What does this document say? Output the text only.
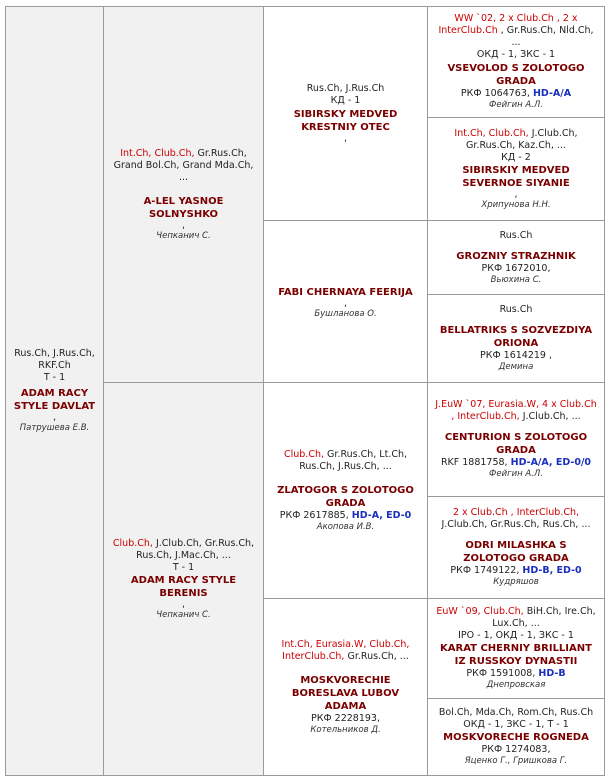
Rus.Ch, J.Rus.Ch, RKF.Ch
Т - 1
ADAM RACY STYLE DAVLAT
,
Патрушева Е.В.
Int.Ch, Club.Ch, Gr.Rus.Ch, Grand Bol.Ch, Grand Mda.Ch, ...
A-LEL YASNOE SOLNYSHKO
,
Чепканич С.
Club.Ch, J.Club.Ch, Gr.Rus.Ch, Rus.Ch, J.Mac.Ch, ...
Т - 1
ADAM RACY STYLE BERENIS
,
Чепканич С.
Rus.Ch, J.Rus.Ch
КД - 1
SIBIRSKY MEDVED KRESTNIY OTEC
,
FABI CHERNAYA FEERIJA
,
Бушланова О.
Club.Ch, Gr.Rus.Ch, Lt.Ch, Rus.Ch, J.Rus.Ch, ...
ZLATOGOR S ZOLOTOGO GRADA
РКФ 2617885, HD-A, ED-0
Акопова И.В.
Int.Ch, Eurasia.W, Club.Ch, InterClub.Ch, Gr.Rus.Ch, ...
MOSKVORECHIE BORESLAVA LUBOV ADAMA
РКФ 2228193,
Котельников Д.
WW `02, 2 x Club.Ch , 2 x InterClub.Ch , Gr.Rus.Ch, Nld.Ch, ...
ОКД - 1, ЗКС - 1
VSEVOLOD S ZOLOTOGO GRADA
РКФ 1064763, HD-A/A
Фейгин А.Л.
Int.Ch, Club.Ch, J.Club.Ch, Gr.Rus.Ch, Kaz.Ch, ...
КД - 2
SIBIRSKIY MEDVED SEVERNOE SIYANIE
,
Хрипунова Н.Н.
Rus.Ch
GROZNIY STRAZHNIK
РКФ 1672010,
Вьюхина С.
Rus.Ch
BELLATRIKS S SOZVEZDIYA ORIONA
РКФ 1614219 ,
Демина
J.EuW `07, Eurasia.W, 4 x Club.Ch , InterClub.Ch, J.Club.Ch, ...
CENTURION S ZOLOTOGO GRADA
RKF 1881758, HD-A/A, ED-0/0
Фейгин А.Л.
2 x Club.Ch , InterClub.Ch, J.Club.Ch, Gr.Rus.Ch, Rus.Ch, ...
ODRI MILASHKA S ZOLOTOGO GRADA
РКФ 1749122, HD-B, ED-0
Кудряшов
EuW `09, Club.Ch, BiH.Ch, Ire.Ch, Lux.Ch, ...
IPO - 1, ОКД - 1, ЗКС - 1
KARAT CHERNIY BRILLIANT IZ RUSSKOY DYNASTII
РКФ 1591008, HD-B
Днепровская
Bol.Ch, Mda.Ch, Rom.Ch, Rus.Ch
ОКД - 1, ЗКС - 1, Т - 1
MOSKVORECHE ROGNEDA
РКФ 1274083,
Яценко Г., Гришкова Г.
